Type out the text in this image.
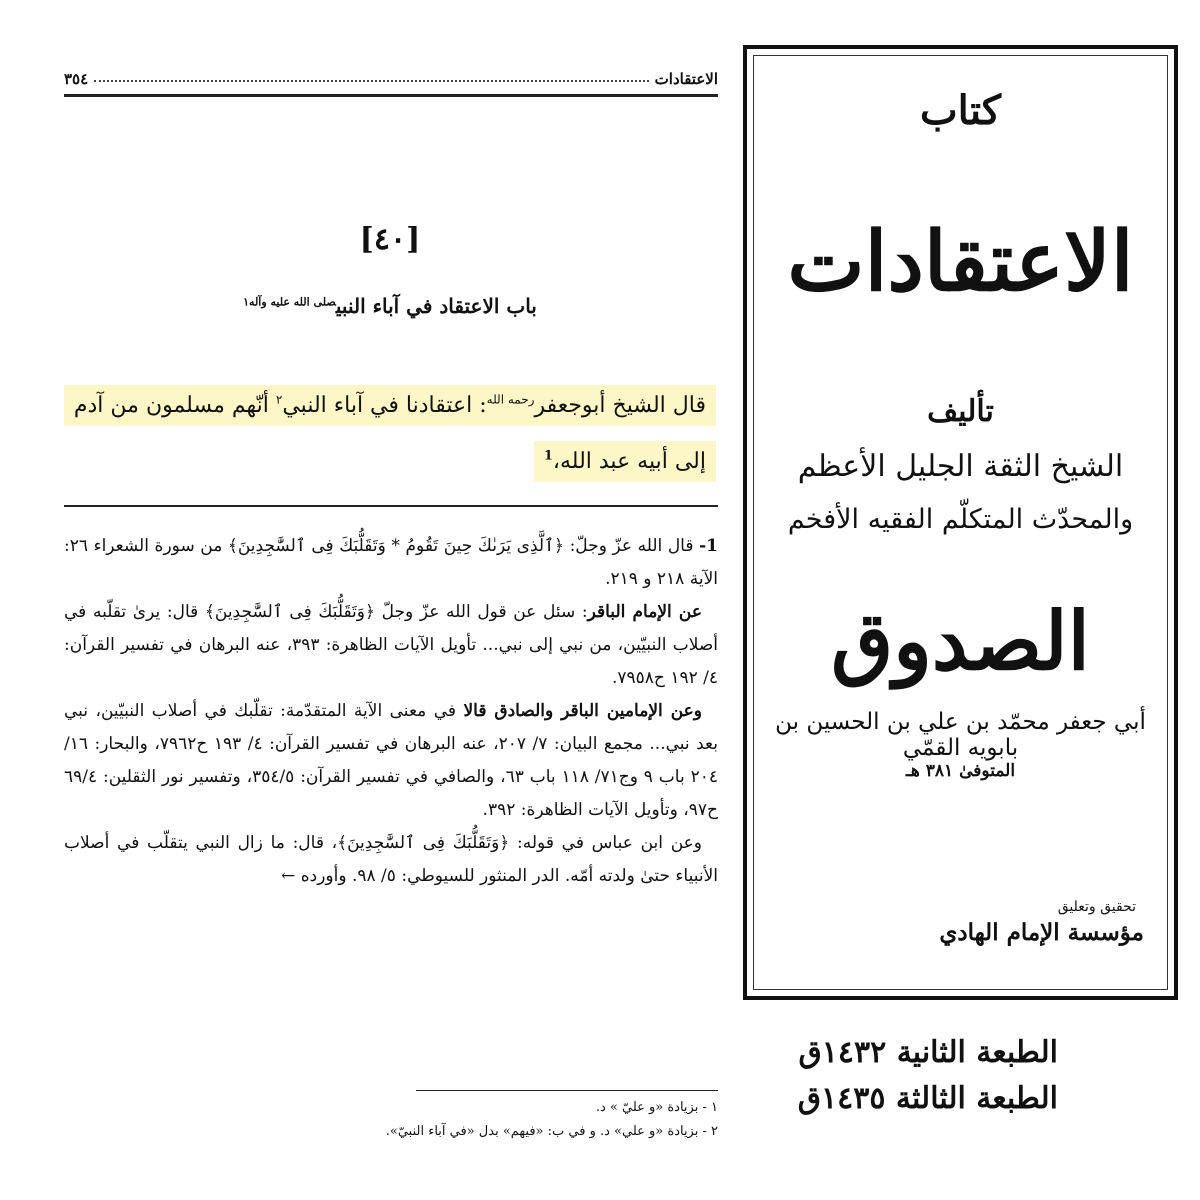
الاعتقادات
٣٥٤
[٤٠]
باب الاعتقاد في آباء النبي$^{صلى الله عليه وآله١}$
قال الشيخ أبوجعفر$^{رحمه الله}$: اعتقادنا في آباء النبي$^٢$ أنّهم مسلمون من آدم
إلى أبيه عبد الله،$^1$

1- قال الله عزّ وجلّ: ﴿ٱلَّذِى يَرَىٰكَ حِينَ تَقُومُ * وَتَقَلُّبَكَ فِى ٱلسَّٰجِدِينَ﴾ من سورة الشعراء ٢٦: الآية ٢١٨ و ٢١٩.

عن الإمام الباقر: سئل عن قول الله عزّ وجلّ ﴿وَتَقَلُّبَكَ فِى ٱلسَّٰجِدِينَ﴾ قال: يرىٰ تقلّبه في أصلاب النبيّين، من نبي إلى نبي... تأويل الآيات الظاهرة: ٣٩٣، عنه البرهان في تفسير القرآن: ٤/ ١٩٢ ح٧٩٥٨.

وعن الإمامين الباقر والصادق قالا في معنى الآية المتقدّمة: تقلّبك في أصلاب النبيّين، نبي بعد نبي... مجمع البيان: ٧/ ٢٠٧، عنه البرهان في تفسير القرآن: ٤/ ١٩٣ ح٧٩٦٢، والبحار: ١٦/ ٢٠٤ باب ٩ وج٧١/ ١١٨ باب ٦٣، والصافي في تفسير القرآن: ٣٥٤/٥، وتفسير نور الثقلين: ٦٩/٤ ح٩٧، وتأويل الآيات الظاهرة: ٣٩٢.

وعن ابن عباس في قوله: ﴿وَتَقَلُّبَكَ فِى ٱلسَّٰجِدِينَ﴾، قال: ما زال النبي يتقلّب في أصلاب الأنبياء حتىٰ ولدته أمّه. الدر المنثور للسيوطي: ٥/ ٩٨. وأورده ←

١ - بزيادة «و عليّ » د.
٢ - بزيادة «و علي» د. و في ب: «فيهم» بدل «في آباء النبيّ».
كتاب
الاعتقادات
تأليف
الشيخ الثقة الجليل الأعظم
والمحدّث المتكلّم الفقيه الأفخم
الصدوق
أبي جعفر محمّد بن علي بن الحسين بن بابويه القمّي
المتوفىٰ ٣٨١ هـ
تحقيق وتعليق
مؤسسة الإمام الهادي
الطبعة الثانية ١٤٣٢ق
الطبعة الثالثة ١٤٣٥ق
